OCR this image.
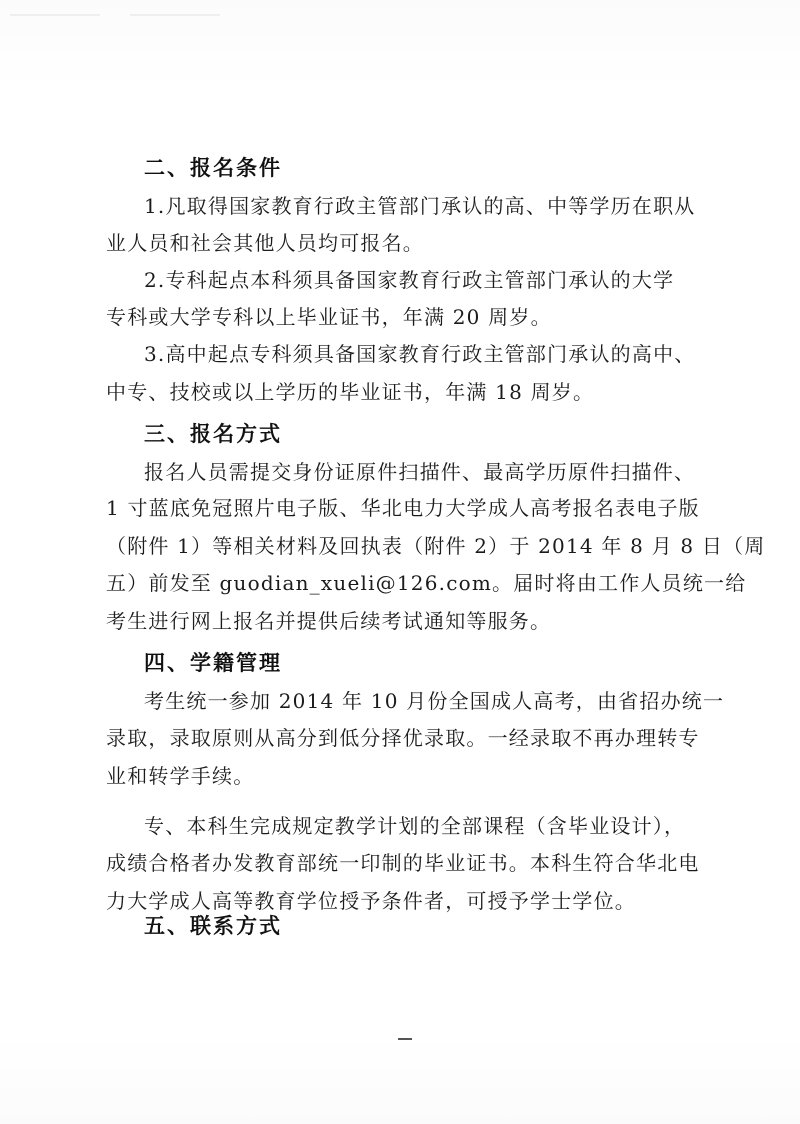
二、报名条件
1.凡取得国家教育行政主管部门承认的高、中等学历在职从
业人员和社会其他人员均可报名。
2.专科起点本科须具备国家教育行政主管部门承认的大学
专科或大学专科以上毕业证书，年满 20 周岁。
3.高中起点专科须具备国家教育行政主管部门承认的高中、
中专、技校或以上学历的毕业证书，年满 18 周岁。
三、报名方式
报名人员需提交身份证原件扫描件、最高学历原件扫描件、
1 寸蓝底免冠照片电子版、华北电力大学成人高考报名表电子版
（附件 1）等相关材料及回执表（附件 2）于 2014 年 8 月 8 日（周
五）前发至 guodian_xueli@126.com。届时将由工作人员统一给
考生进行网上报名并提供后续考试通知等服务。
四、学籍管理
考生统一参加 2014 年 10 月份全国成人高考，由省招办统一
录取，录取原则从高分到低分择优录取。一经录取不再办理转专
业和转学手续。
专、本科生完成规定教学计划的全部课程（含毕业设计），
成绩合格者办发教育部统一印制的毕业证书。本科生符合华北电
力大学成人高等教育学位授予条件者，可授予学士学位。
五、联系方式
